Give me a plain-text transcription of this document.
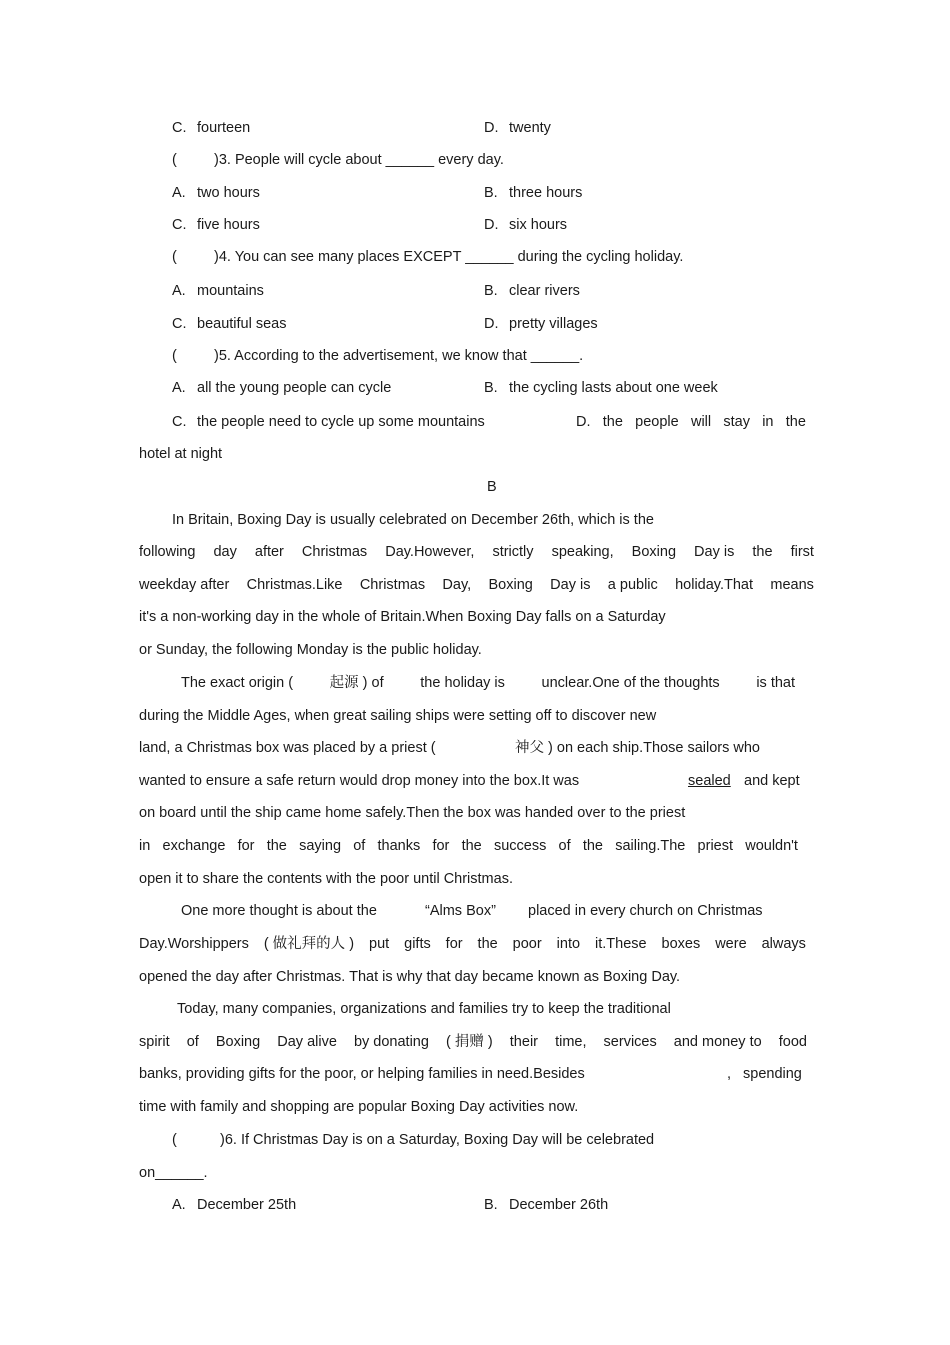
C. fourteen	D. twenty
(	)3. People will cycle about ______ every day.
A. two hours	B. three hours
C. five hours	D. six hours
(	)4. You can see many places EXCEPT ______ during the cycling holiday.
A. mountains	B. clear rivers
C. beautiful seas	D. pretty villages
(	)5. According to the advertisement, we know that ______.
A. all the young people can cycle	B. the cycling lasts about one week
C. the people need to cycle up some mountains	D. the people will stay in the
hotel at night
B
In Britain, Boxing Day is usually celebrated on December 26th, which is the
following day after Christmas Day.However, strictly speaking, Boxing Day is the first
weekday after Christmas.Like Christmas Day, Boxing Day is a public holiday.That means
it's a non-working day in the whole of Britain.When Boxing Day falls on a Saturday
or Sunday, the following Monday is the public holiday.
The exact origin (	起源 ) of	the holiday is	unclear.One of the thoughts	is that
during the Middle Ages, when great sailing ships were setting off to discover new
land, a Christmas box was placed by a priest (	神父 ) on each ship.Those sailors who
wanted to ensure a safe return would drop money into the box.It was	sealed and kept
on board until the ship came home safely.Then the box was handed over to the priest
in exchange for the saying of thanks for the success of the sailing.The priest wouldn't
open it to share the contents with the poor until Christmas.
One more thought is about the	“Alms Box” placed in every church on Christmas
Day.Worshippers ( 做礼拜的人 ) put gifts for the poor into it.These boxes were always
opened the day after Christmas. That is why that day became known as Boxing Day.
Today, many companies, organizations and families try to keep the traditional
spirit of Boxing Day alive by donating ( 捐赠 ) their time, services and money to food
banks, providing gifts for the poor, or helping families in need.Besides	, spending
time with family and shopping are popular Boxing Day activities now.
(	)6. If Christmas Day is on a Saturday, Boxing Day will be celebrated
on______.
A. December 25th	B. December 26th
